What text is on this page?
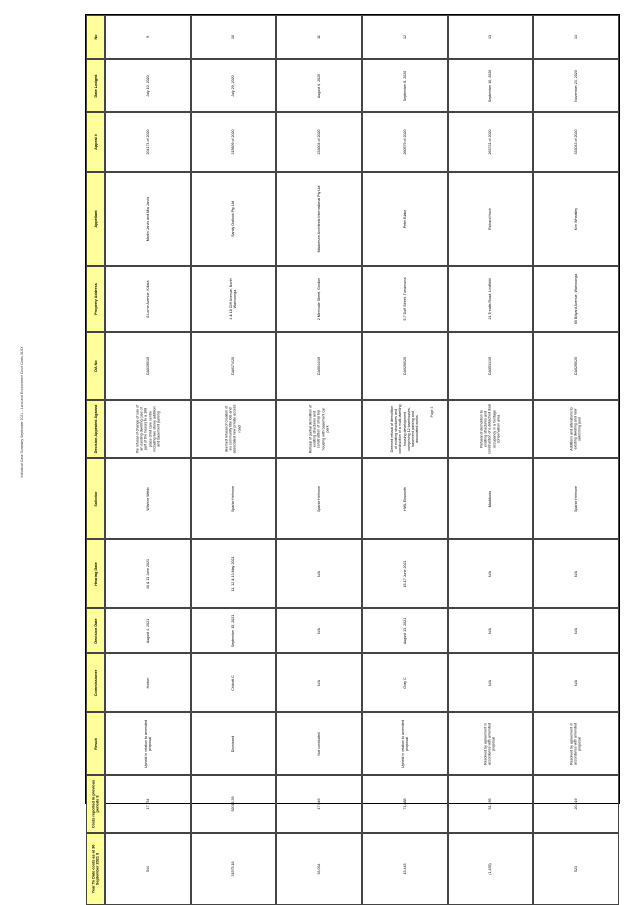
Individual Case Summary September 2021 – Land and Environment Court Costs.XLSX	Page 3
No	9	10	11	12	13	14
Date Lodged	July 10, 2020	July 29, 2020	August 6, 2020	September 8, 2020	September 10, 2020	November 23, 2020
Appeal #	204174 of 2020	215609 of 2020	233604 of 2020	260579 of 2020	263721 of 2020	333043 of 2020
Appellant	Martin Jarvis and Mia Jarvis	Sandy Outlook Pty Ltd	Mackenzie Architects International Pty Ltd	Peter Blake	Richard Hoch	Kim Wheatley
Property Address	8 Lorne Avenue, Killara	4 & 18 Cliff Avenue, North Wahroonga	2 Merrivale Street, Gordon	5-7 Duff Street, Turramurra	21 Treatts Road, Lindfield	65 Billyard Avenue, Wahroonga
DA No	DA0195/19	DA0174/20	DA0044/19	DA0290/20	DA0531/19	DA0295/20
Decision Appealed Against	the refusal of change of use of an existing dwelling (use of part of the house) to a 108 place child care centre including two storey addition and basement parking	deemed refusal of creation of six community title lots and associated new private access road	Refusal of partial demolition of existing structures and construction of shop top housing with basement car park	Deemed refusal of demolition of existing structures and construction of a multi-dwelling housing development comprising 12 townhouses, basement parking and associated works	Refusal of demolition to existing structures and construction of a detached dual occupancy in a heritage conservation area	Additions and alterations to existing dwelling and new swimming pool
Solicitor	Wilshire Webb	Sparke Helmore	Sparke Helmore	HWL Ebsworth	Maddocks	Sparke Helmore
Hearing Date	10 & 11 June 2021	11, 12 & 13 May 2021	N/A	15-17 June 2021	N/A	N/A
Decision Date	August 4, 2021	September 15, 2021	N/A	August 13, 2021	N/A	N/A
Commissioner	Horton	Chilcott C	N/A	Gray C	N/A	N/A
Result	Upheld in relation to amended proposal	Dismissed	Not concluded	Upheld in relation to amended proposal	Resolved by agreement in accordance with amended proposal	Resolved by agreement in accordance with amended proposal
Costs reported in previous periods $	17,754	92016.39	47,646	71,888	51,195	20,219
Year To Date costs as at 30 September 2021 $	544	31975.18	33,034	15,445	(1,455)	523
